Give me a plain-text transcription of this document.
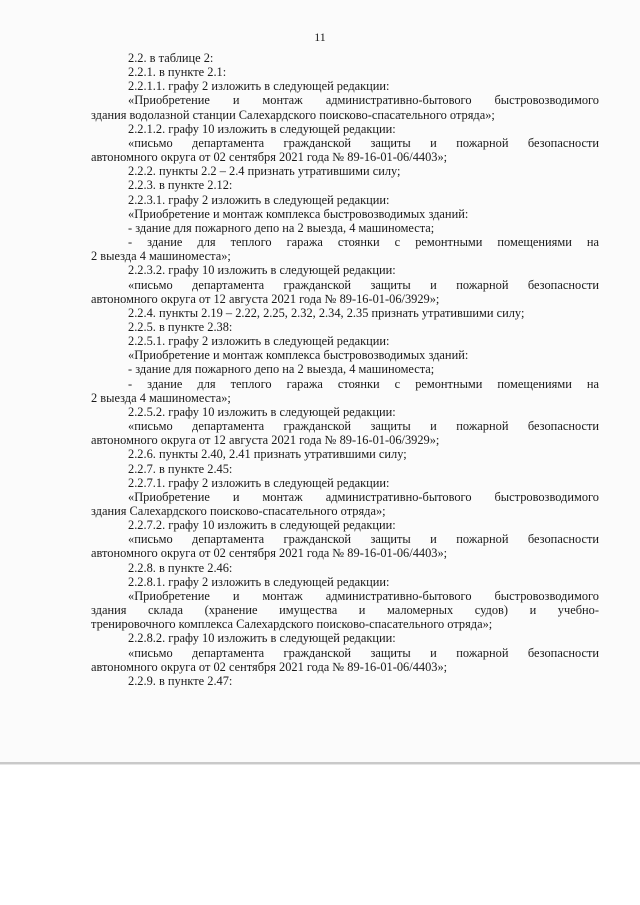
11
2.2. в таблице 2:
2.2.1. в пункте 2.1:
2.2.1.1. графу 2 изложить в следующей редакции:
«Приобретение и монтаж административно-бытового быстровозводимого
здания водолазной станции Салехардского поисково-спасательного отряда»;
2.2.1.2. графу 10 изложить в следующей редакции:
«письмо департамента гражданской защиты и пожарной безопасности
автономного округа от 02 сентября 2021 года № 89-16-01-06/4403»;
2.2.2. пункты 2.2 – 2.4 признать утратившими силу;
2.2.3. в пункте 2.12:
2.2.3.1. графу 2 изложить в следующей редакции:
«Приобретение и монтаж комплекса быстровозводимых зданий:
- здание для пожарного депо на 2 выезда, 4 машиноместа;
- здание для теплого гаража стоянки с ремонтными помещениями на
2 выезда 4 машиноместа»;
2.2.3.2. графу 10 изложить в следующей редакции:
«письмо департамента гражданской защиты и пожарной безопасности
автономного округа от 12 августа 2021 года № 89-16-01-06/3929»;
2.2.4. пункты 2.19 – 2.22, 2.25, 2.32, 2.34, 2.35 признать утратившими силу;
2.2.5. в пункте 2.38:
2.2.5.1. графу 2 изложить в следующей редакции:
«Приобретение и монтаж комплекса быстровозводимых зданий:
- здание для пожарного депо на 2 выезда, 4 машиноместа;
- здание для теплого гаража стоянки с ремонтными помещениями на
2 выезда 4 машиноместа»;
2.2.5.2. графу 10 изложить в следующей редакции:
«письмо департамента гражданской защиты и пожарной безопасности
автономного округа от 12 августа 2021 года № 89-16-01-06/3929»;
2.2.6. пункты 2.40, 2.41 признать утратившими силу;
2.2.7. в пункте 2.45:
2.2.7.1. графу 2 изложить в следующей редакции:
«Приобретение и монтаж административно-бытового быстровозводимого
здания Салехардского поисково-спасательного отряда»;
2.2.7.2. графу 10 изложить в следующей редакции:
«письмо департамента гражданской защиты и пожарной безопасности
автономного округа от 02 сентября 2021 года № 89-16-01-06/4403»;
2.2.8. в пункте 2.46:
2.2.8.1. графу 2 изложить в следующей редакции:
«Приобретение и монтаж административно-бытового быстровозводимого
здания склада (хранение имущества и маломерных судов) и учебно-
тренировочного комплекса Салехардского поисково-спасательного отряда»;
2.2.8.2. графу 10 изложить в следующей редакции:
«письмо департамента гражданской защиты и пожарной безопасности
автономного округа от 02 сентября 2021 года № 89-16-01-06/4403»;
2.2.9. в пункте 2.47:
